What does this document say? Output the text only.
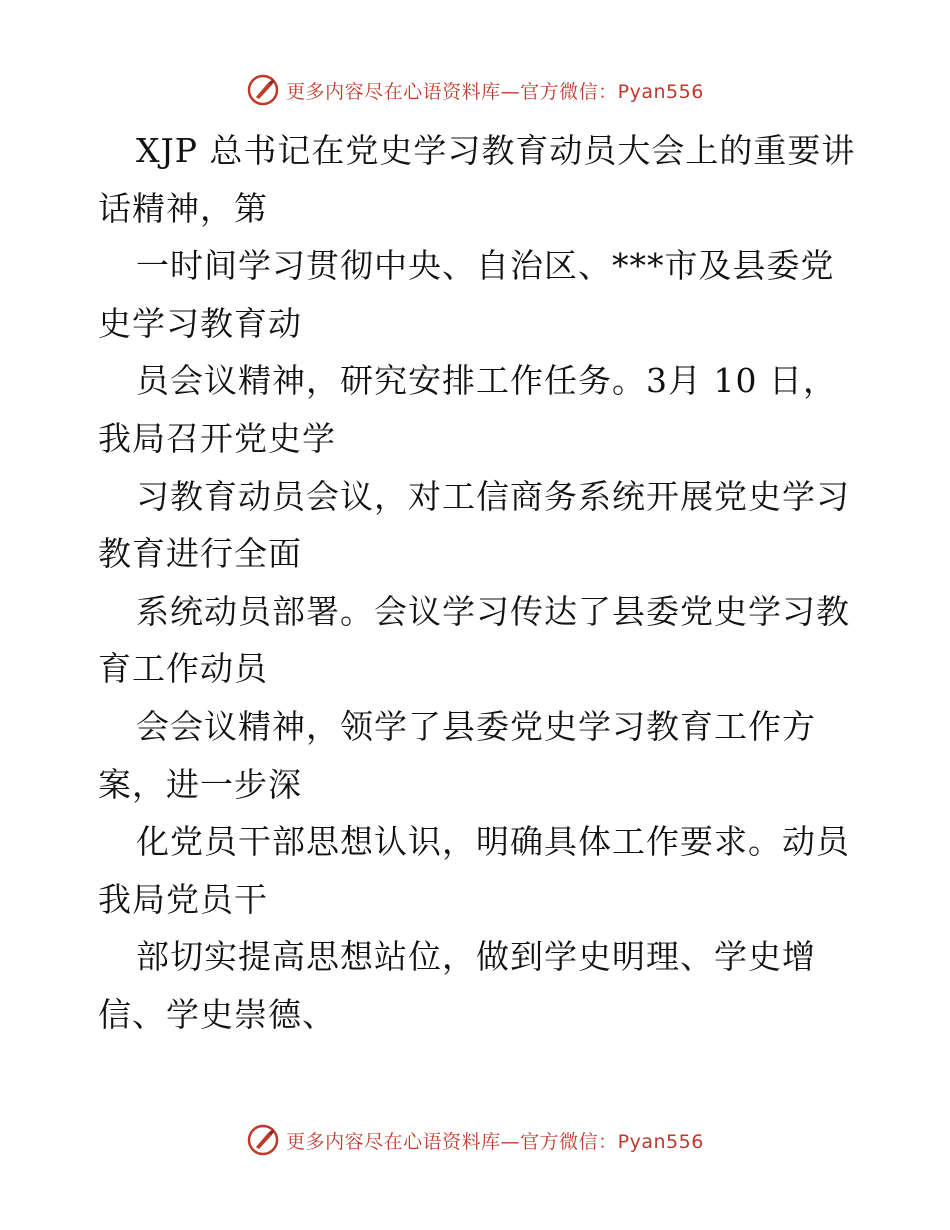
更多内容尽在心语资料库—官方微信：Pyan556
XJP 总书记在党史学习教育动员大会上的重要讲
话精神，第
一时间学习贯彻中央、自治区、***市及县委党
史学习教育动
员会议精神，研究安排工作任务。3月 10 日，
我局召开党史学
习教育动员会议，对工信商务系统开展党史学习
教育进行全面
系统动员部署。会议学习传达了县委党史学习教
育工作动员
会会议精神，领学了县委党史学习教育工作方
案，进一步深
化党员干部思想认识，明确具体工作要求。动员
我局党员干
部切实提高思想站位，做到学史明理、学史增
信、学史崇德、
更多内容尽在心语资料库—官方微信：Pyan556
